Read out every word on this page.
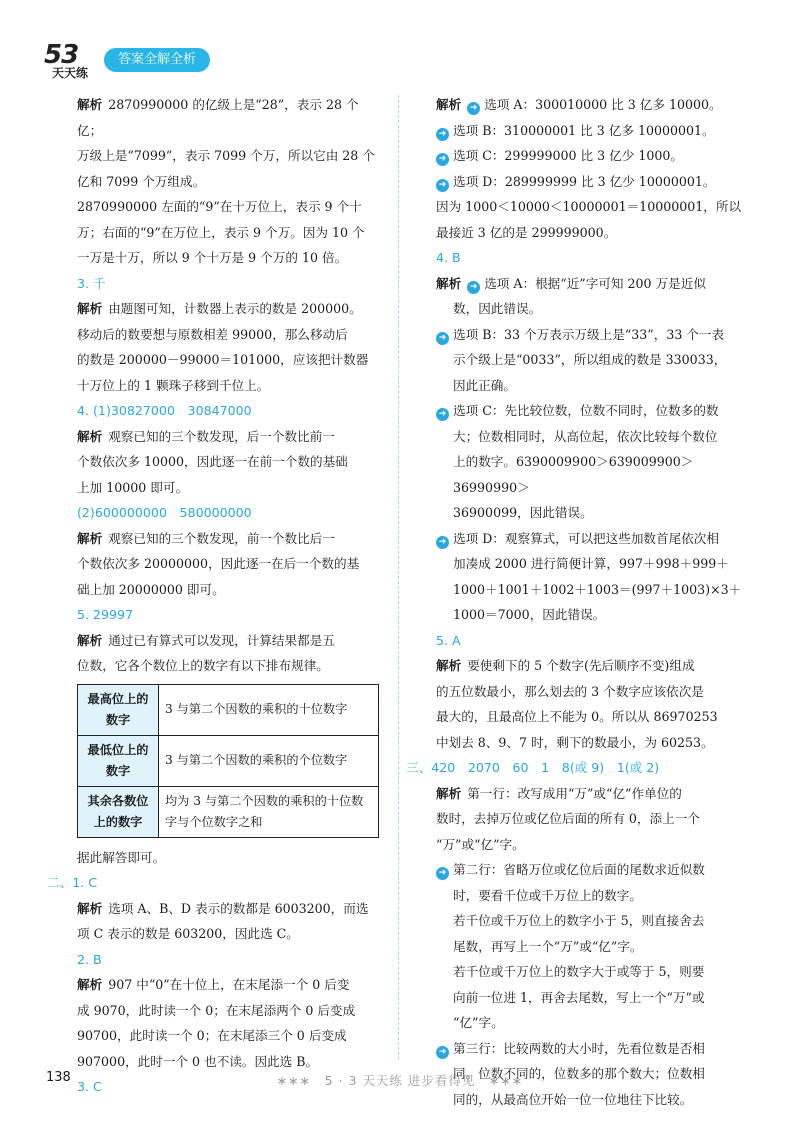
53
天天练
答案全解全析

解析 2870990000 的亿级上是“28”，表示 28 个亿；
万级上是“7099”，表示 7099 个万，所以它由 28 个
亿和 7099 个万组成。

2870990000 左面的“9”在十万位上，表示 9 个十
万；右面的“9”在万位上，表示 9 个万。因为 10 个
一万是十万，所以 9 个十万是 9 个万的 10 倍。

3. 千

解析 由题图可知，计数器上表示的数是 200000。
移动后的数要想与原数相差 99000，那么移动后
的数是 200000－99000＝101000，应该把计数器
十万位上的 1 颗珠子移到千位上。

4. (1)30827000　30847000

解析 观察已知的三个数发现，后一个数比前一
个数依次多 10000，因此逐一在前一个数的基础
上加 10000 即可。

(2)600000000　580000000

解析 观察已知的三个数发现，前一个数比后一
个数依次多 20000000，因此逐一在后一个数的基
础上加 20000000 即可。

5. 29997

解析 通过已有算式可以发现，计算结果都是五
位数，它各个数位上的数字有以下排布规律。

最高位上的数字	3 与第二个因数的乘积的十位数字
最低位上的数字	3 与第二个因数的乘积的个位数字
其余各数位上的数字	均为 3 与第二个因数的乘积的十位数字与个位数字之和

据此解答即可。

二、1. C

解析 选项 A、B、D 表示的数都是 6003200，而选
项 C 表示的数是 603200，因此选 C。

2. B

解析 907 中“0”在十位上，在末尾添一个 0 后变
成 9070，此时读一个 0；在末尾添两个 0 后变成
90700，此时读一个 0；在末尾添三个 0 后变成
907000，此时一个 0 也不读。因此选 B。

3. C

解析 ➜ 选项 A：300010000 比 3 亿多 10000。

➜ 选项 B：310000001 比 3 亿多 10000001。

➜ 选项 C：299999000 比 3 亿少 1000。

➜ 选项 D：289999999 比 3 亿少 10000001。

因为 1000＜10000＜10000001＝10000001，所以
最接近 3 亿的是 299999000。

4. B

解析 ➜ 选项 A：根据“近”字可知 200 万是近似

数，因此错误。

➜ 选项 B：33 个万表示万级上是“33”，33 个一表

示个级上是“0033”，所以组成的数是 330033，
因此正确。

➜ 选项 C：先比较位数，位数不同时，位数多的数

大；位数相同时，从高位起，依次比较每个数位
上的数字。6390009900＞639009900＞36990990＞
36900099，因此错误。

➜ 选项 D：观察算式，可以把这些加数首尾依次相

加凑成 2000 进行简便计算，997＋998＋999＋
1000＋1001＋1002＋1003＝(997＋1003)×3＋
1000＝7000，因此错误。

5. A

解析 要使剩下的 5 个数字(先后顺序不变)组成
的五位数最小，那么划去的 3 个数字应该依次是
最大的，且最高位上不能为 0。所以从 86970253
中划去 8、9、7 时，剩下的数最小，为 60253。

三、420　2070　60　1　8(或 9)　1(或 2)

解析 第一行：改写成用“万”或“亿”作单位的
数时，去掉万位或亿位后面的所有 0，添上一个
“万”或“亿”字。

➜ 第二行：省略万位或亿位后面的尾数求近似数

时，要看千位或千万位上的数字。

若千位或千万位上的数字小于 5，则直接舍去
尾数，再写上一个“万”或“亿”字。

若千位或千万位上的数字大于或等于 5，则要
向前一位进 1，再舍去尾数，写上一个“万”或
“亿”字。

➜ 第三行：比较两数的大小时，先看位数是否相

同。位数不同的，位数多的那个数大；位数相
同的，从最高位开始一位一位地往下比较。

138	∗∗∗　5 · 3 天天练 进步看得见　∗∗∗
